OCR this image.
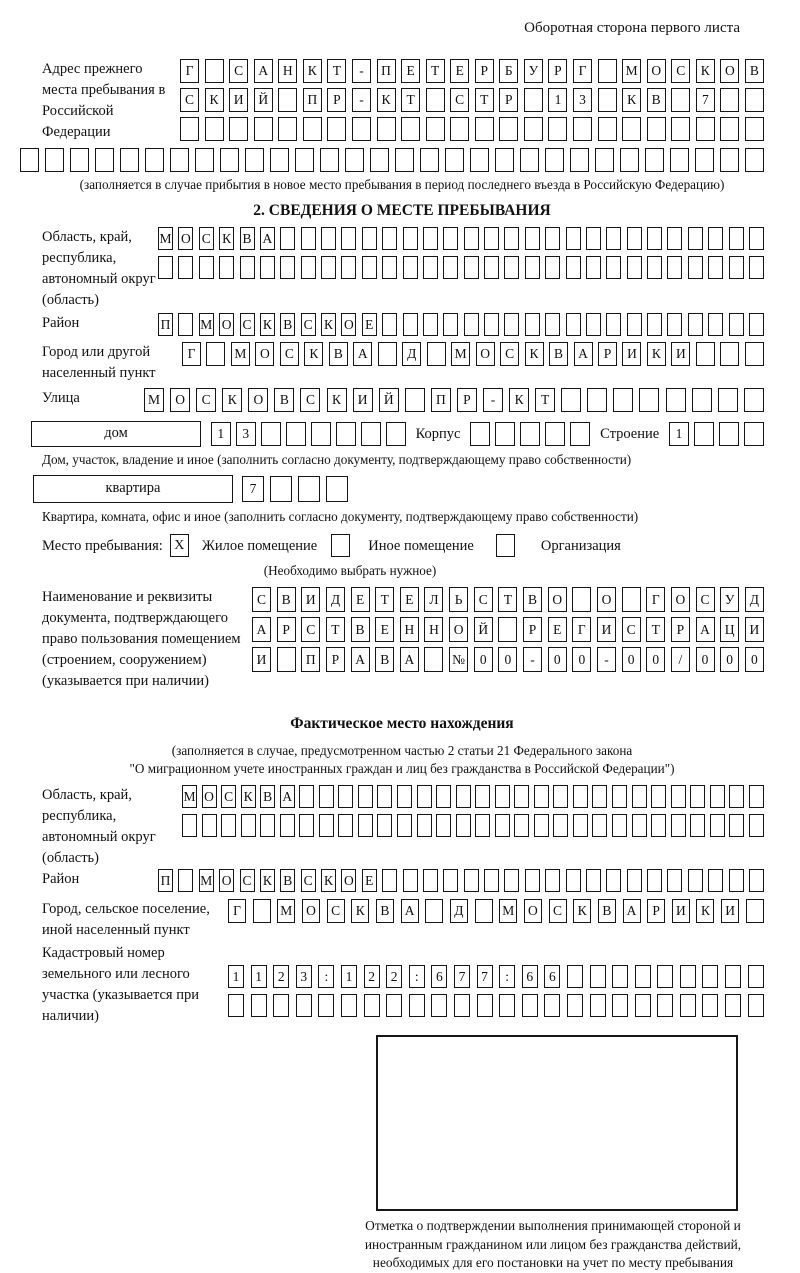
Оборотная сторона первого листа
Адрес прежнего места пребывания в Российской Федерации
Г	С	А	Н	К	Т	-	П	Е	Т	Е	Р	Б	У	Р	Г	М	О	С	К	О	В
С	К	И	Й	П	Р	-	К	Т	С	Т	Р	1	3	К	В	7
(заполняется в случае прибытия в новое место пребывания в период последнего въезда в Российскую Федерацию)
2. СВЕДЕНИЯ О МЕСТЕ ПРЕБЫВАНИЯ
Область, край, республика, автономный округ (область)
М О С К В А
Район	П М О С К В С К О Е
Город или другой населенный пункт
Г	М	О	С	К	В	А	Д	М	О	С	К	В	А	Р	И	К	И
Улица	М	О	С	К	О	В	С	К	И	Й	П	Р	-	К	Т
дом	1	3	Корпус	Строение	1
Дом, участок, владение и иное (заполнить согласно документу, подтверждающему право собственности)
квартира	7
Квартира, комната, офис и иное (заполнить согласно документу, подтверждающему право собственности)
Место пребывания: X	Жилое помещение	Иное помещение	Организация
(Необходимо выбрать нужное)
Наименование и реквизиты документа, подтверждающего право пользования помещением (строением, сооружением) (указывается при наличии)
С	В	И	Д	Е	Т	Е	Л	Ь	С	Т	В	О	О	Г	О	С	У	Д
А	Р	С	Т	В	Е	Н	Н	О	Й	Р	Е	Г	И	С	Т	Р	А	Ц	И
И	П	Р	А	В	А	№	0	0	-	0	0	-	0	0	/	0	0	0
Фактическое место нахождения
(заполняется в случае, предусмотренном частью 2 статьи 21 Федерального закона
"О миграционном учете иностранных граждан и лиц без гражданства в Российской Федерации")
Область, край, республика, автономный округ (область)
М О С К В А
Район	П М О С К В С К О Е
Город, сельское поселение, иной населенный пункт
Г	М	О	С	К	В	А	Д	М	О	С	К	В	А	Р	И	К	И
Кадастровый номер земельного или лесного участка (указывается при наличии)
1	1	2	3	:	1	2	2	:	6	7	7	:	6	6
Отметка о подтверждении выполнения принимающей стороной и иностранным гражданином или лицом без гражданства действий, необходимых для его постановки на учет по месту пребывания
